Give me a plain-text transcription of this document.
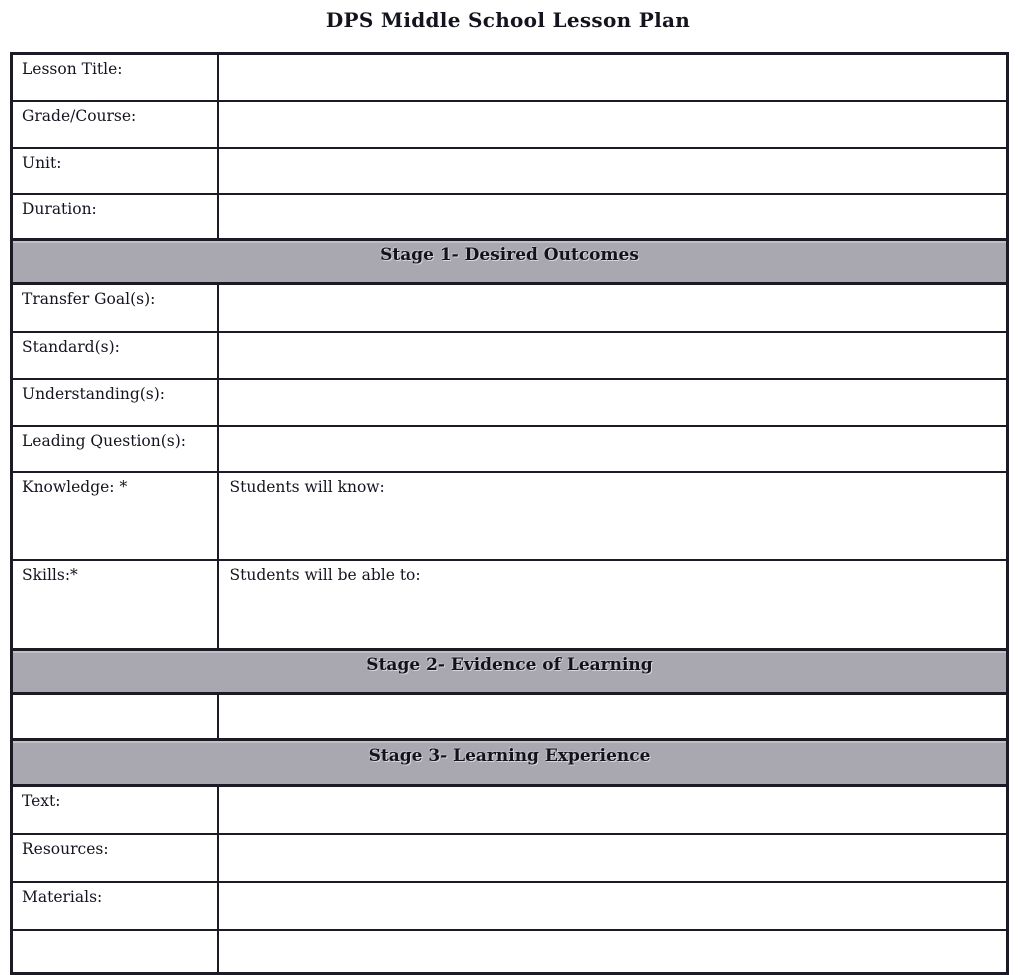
DPS Middle School Lesson Plan
Lesson Title:	
Grade/Course:	
Unit:	
Duration:	
Stage 1- Desired Outcomes	
Transfer Goal(s):	
Standard(s):	
Understanding(s):	
Leading Question(s):	
Knowledge: *	Students will know:
Skills:*	Students will be able to:
Stage 2- Evidence of Learning	

Stage 3- Learning Experience	
Text:	
Resources:	
Materials:	
